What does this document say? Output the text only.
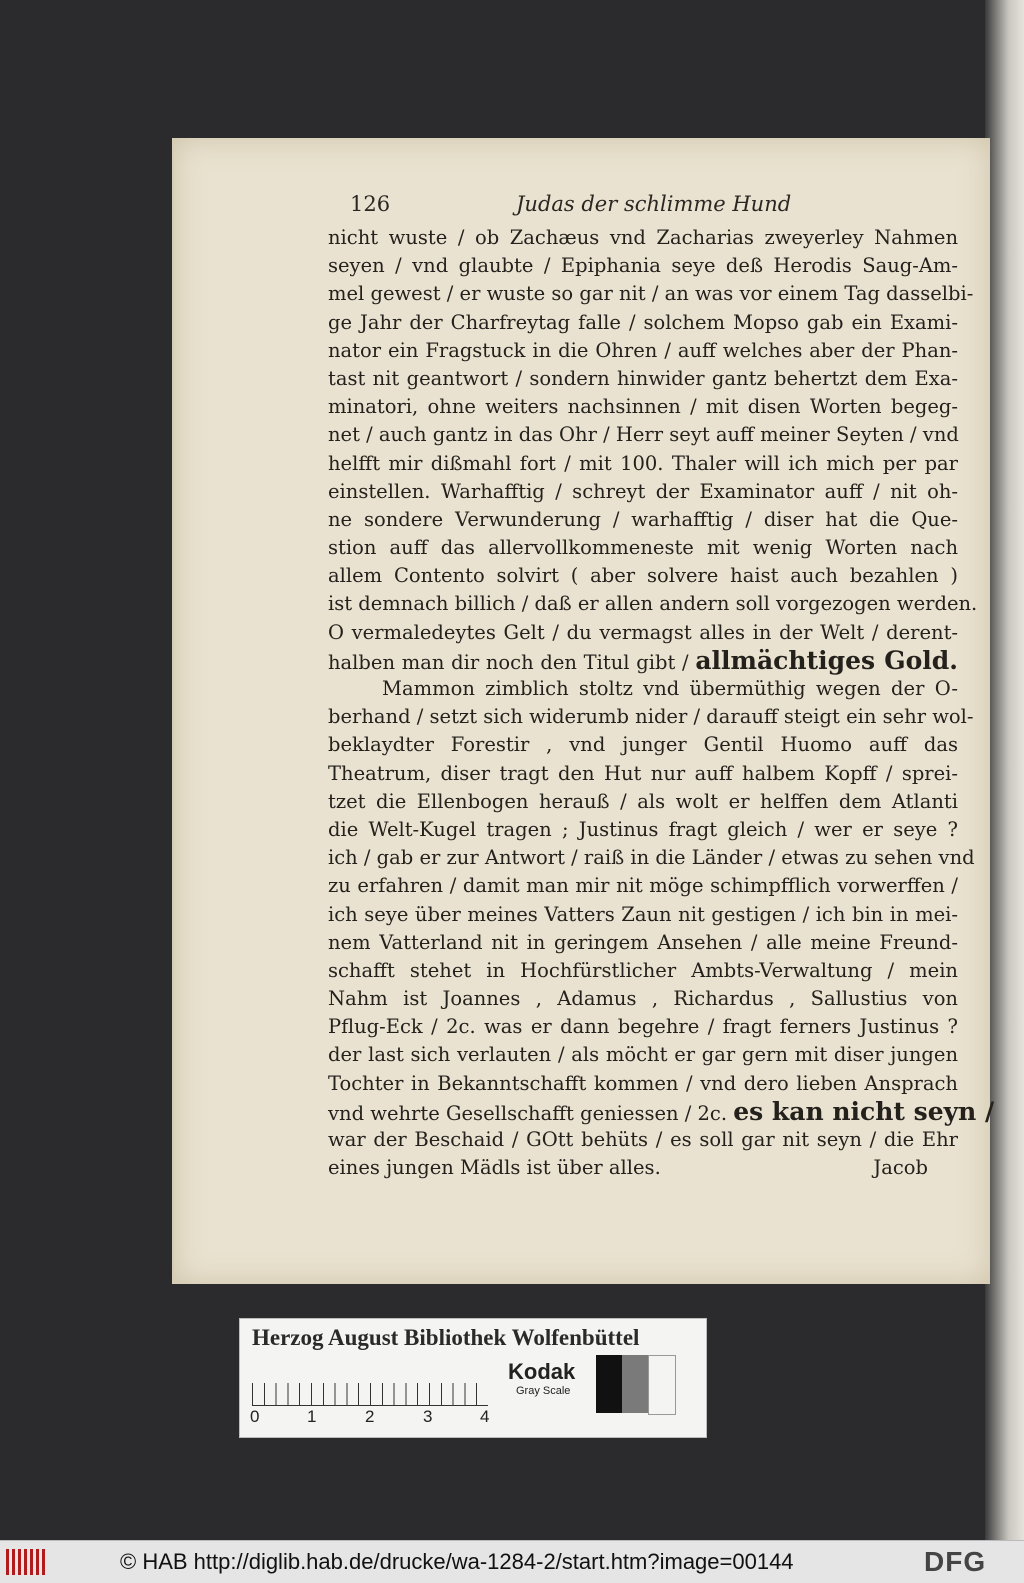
126	Judas der schlimme Hund
nicht wuste / ob Zachæus vnd Zacharias zweyerley Nahmen
seyen / vnd glaubte / Epiphania seye deß Herodis Saug-Am-
mel gewest / er wuste so gar nit / an was vor einem Tag dasselbi-
ge Jahr der Charfreytag falle / solchem Mopso gab ein Exami-
nator ein Fragstuck in die Ohren / auff welches aber der Phan-
tast nit geantwort / sondern hinwider gantz behertzt dem Exa-
minatori, ohne weiters nachsinnen / mit disen Worten begeg-
net / auch gantz in das Ohr / Herr seyt auff meiner Seyten / vnd
helfft mir dißmahl fort / mit 100. Thaler will ich mich per par
einstellen. Warhafftig / schreyt der Examinator auff / nit oh-
ne sondere Verwunderung / warhafftig / diser hat die Que-
stion auff das allervollkommeneste mit wenig Worten nach
allem Contento solvirt ( aber solvere haist auch bezahlen )
ist demnach billich / daß er allen andern soll vorgezogen werden.
O vermaledeytes Gelt / du vermagst alles in der Welt / derent-
halben man dir noch den Titul gibt / allmächtiges Gold.
Mammon zimblich stoltz vnd übermüthig wegen der O-
berhand / setzt sich widerumb nider / darauff steigt ein sehr wol-
beklaydter Forestir , vnd junger Gentil Huomo auff das
Theatrum, diser tragt den Hut nur auff halbem Kopff / sprei-
tzet die Ellenbogen herauß / als wolt er helffen dem Atlanti
die Welt-Kugel tragen ; Justinus fragt gleich / wer er seye ?
ich / gab er zur Antwort / raiß in die Länder / etwas zu sehen vnd
zu erfahren / damit man mir nit möge schimpfflich vorwerffen /
ich seye über meines Vatters Zaun nit gestigen / ich bin in mei-
nem Vatterland nit in geringem Ansehen / alle meine Freund-
schafft stehet in Hochfürstlicher Ambts-Verwaltung / mein
Nahm ist Joannes , Adamus , Richardus , Sallustius von
Pflug-Eck / 2c. was er dann begehre / fragt ferners Justinus ?
der last sich verlauten / als möcht er gar gern mit diser jungen
Tochter in Bekanntschafft kommen / vnd dero lieben Ansprach
vnd wehrte Gesellschafft geniessen / 2c. es kan nicht seyn /
war der Beschaid / GOtt behüts / es soll gar nit seyn / die Ehr
eines jungen Mädls ist über alles.	Jacob
Herzog August Bibliothek Wolfenbüttel
0	1	2	3	4
Kodak
Gray Scale
© HAB http://diglib.hab.de/drucke/wa-1284-2/start.htm?image=00144	DFG
